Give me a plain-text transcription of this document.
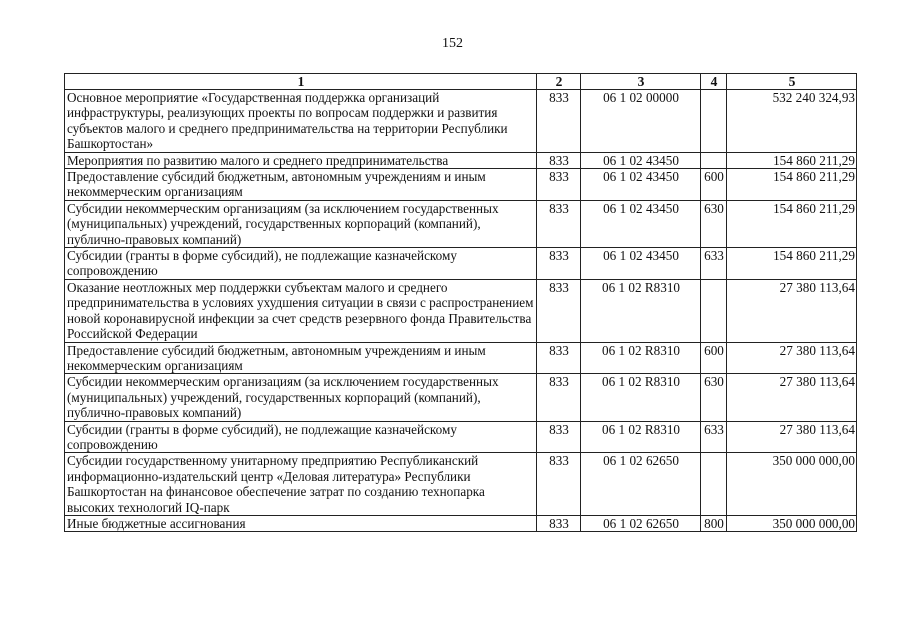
152
1	2	3	4	5
Основное мероприятие «Государственная поддержка организаций инфраструктуры, реализующих проекты по вопросам поддержки и развития субъектов малого и среднего предпринимательства на территории Республики Башкортостан»	833	06 1 02 00000		532 240 324,93
Мероприятия по развитию малого и среднего предпринимательства	833	06 1 02 43450		154 860 211,29
Предоставление субсидий бюджетным, автономным учреждениям и иным некоммерческим организациям	833	06 1 02 43450	600	154 860 211,29
Субсидии некоммерческим организациям (за исключением государственных (муниципальных) учреждений, государственных корпораций (компаний), публично-правовых компаний)	833	06 1 02 43450	630	154 860 211,29
Субсидии (гранты в форме субсидий), не подлежащие казначейскому сопровождению	833	06 1 02 43450	633	154 860 211,29
Оказание неотложных мер поддержки субъектам малого и среднего предпринимательства в условиях ухудшения ситуации в связи с распространением новой коронавирусной инфекции за счет средств резервного фонда Правительства Российской Федерации	833	06 1 02 R8310		27 380 113,64
Предоставление субсидий бюджетным, автономным учреждениям и иным некоммерческим организациям	833	06 1 02 R8310	600	27 380 113,64
Субсидии некоммерческим организациям (за исключением государственных (муниципальных) учреждений, государственных корпораций (компаний), публично-правовых компаний)	833	06 1 02 R8310	630	27 380 113,64
Субсидии (гранты в форме субсидий), не подлежащие казначейскому сопровождению	833	06 1 02 R8310	633	27 380 113,64
Субсидии государственному унитарному предприятию Республиканский информационно-издательский центр «Деловая литература» Республики Башкортостан на финансовое обеспечение затрат по созданию технопарка высоких технологий IQ-парк	833	06 1 02 62650		350 000 000,00
Иные бюджетные ассигнования	833	06 1 02 62650	800	350 000 000,00
